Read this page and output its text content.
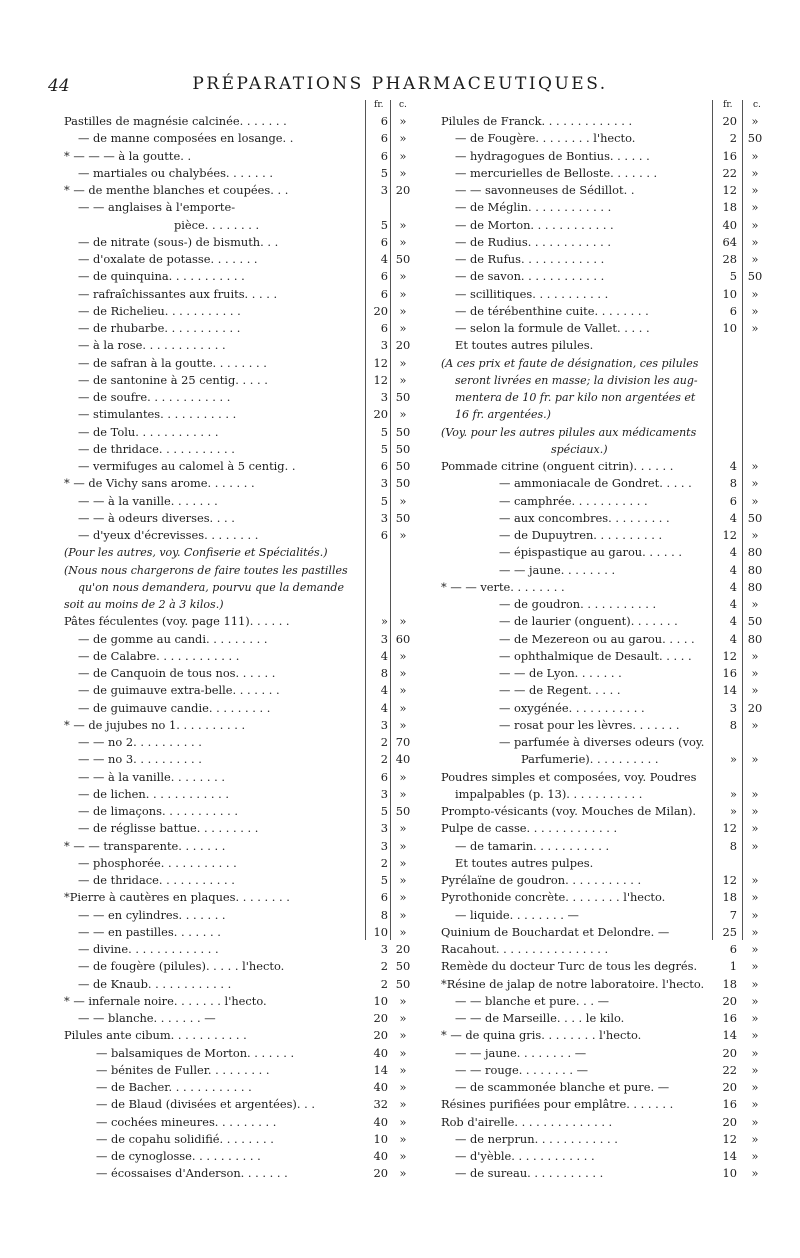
44	PRÉPARATIONS PHARMACEUTIQUES.
fr. c.
Pastilles de magnésie calcinée. . . . . . .	6	»
— de manne composées en losange. .	6	»
* — — — à la goutte. .	6	»
— martiales ou chalybées. . . . . . .	5	»
* — de menthe blanches et coupées. . .	3 20
— — anglaises à l'emporte-
pièce. . . . . . . .	5	»
— de nitrate (sous-) de bismuth. . .	6	»
— d'oxalate de potasse. . . . . . .	4 50
— de quinquina. . . . . . . . . . .	6	»
— rafraîchissantes aux fruits. . . . .	6	»
— de Richelieu. . . . . . . . . . .	20	»
— de rhubarbe. . . . . . . . . . .	6	»
— à la rose. . . . . . . . . . . .	3 20
— de safran à la goutte. . . . . . . .	12	»
— de santonine à 25 centig. . . . .	12	»
— de soufre. . . . . . . . . . . .	3 50
— stimulantes. . . . . . . . . . .	20	»
— de Tolu. . . . . . . . . . . .	5 50
— de thridace. . . . . . . . . . .	5 50
— vermifuges au calomel à 5 centig. .	6 50
* — de Vichy sans arome. . . . . . .	3 50
— — à la vanille. . . . . . .	5	»
— — à odeurs diverses. . . .	3 50
— d'yeux d'écrevisses. . . . . . . .	6	»
(Pour les autres, voy. Confiserie et Spécialités.)
(Nous nous chargerons de faire toutes les pastilles
qu'on nous demandera, pourvu que la demande
soit au moins de 2 à 3 kilos.)
Pâtes féculentes (voy. page 111). . . . . .	»	»
— de gomme au candi. . . . . . . . .	3 60
— de Calabre. . . . . . . . . . . .	4	»
— de Canquoin de tous nos. . . . . .	8	»
— de guimauve extra-belle. . . . . . .	4	»
— de guimauve candie. . . . . . . . .	4	»
* — de jujubes no 1. . . . . . . . . .	3	»
— — no 2. . . . . . . . . .	2 70
— — no 3. . . . . . . . . .	2 40
— — à la vanille. . . . . . . .	6	»
— de lichen. . . . . . . . . . . .	3	»
— de limaçons. . . . . . . . . . .	5 50
— de réglisse battue. . . . . . . . .	3	»
* — — transparente. . . . . . .	3	»
— phosphorée. . . . . . . . . . .	2	»
— de thridace. . . . . . . . . . .	5	»
*Pierre à cautères en plaques. . . . . . . .	6	»
— — en cylindres. . . . . . .	8	»
— — en pastilles. . . . . . .	10	»
— divine. . . . . . . . . . . . .	3 20
— de fougère (pilules). . . . . l'hecto.	2 50
— de Knaub. . . . . . . . . . . .	2 50
* — infernale noire. . . . . . . l'hecto.	10	»
— — blanche. . . . . . . —	20	»
Pilules ante cibum. . . . . . . . . . .	20	»
— balsamiques de Morton. . . . . . .	40	»
— bénites de Fuller. . . . . . . . .	14	»
— de Bacher. . . . . . . . . . . .	40	»
— de Blaud (divisées et argentées). . .	32	»
— cochées mineures. . . . . . . . .	40	»
— de copahu solidifié. . . . . . . .	10	»
— de cynoglosse. . . . . . . . . .	40	»
— écossaises d'Anderson. . . . . . .	20	»
fr. c.
Pilules de Franck. . . . . . . . . . . . .	20	»
— de Fougère. . . . . . . . l'hecto.	2 50
— hydragogues de Bontius. . . . . .	16	»
— mercurielles de Belloste. . . . . . .	22	»
— — savonneuses de Sédillot. .	12	»
— de Méglin. . . . . . . . . . . .	18	»
— de Morton. . . . . . . . . . . .	40	»
— de Rudius. . . . . . . . . . . .	64	»
— de Rufus. . . . . . . . . . . .	28	»
— de savon. . . . . . . . . . . .	5 50
— scillitiques. . . . . . . . . . .	10	»
— de térébenthine cuite. . . . . . . .	6	»
— selon la formule de Vallet. . . . .	10	»
Et toutes autres pilules.
(A ces prix et faute de désignation, ces pilules
seront livrées en masse; la division les aug-
mentera de 10 fr. par kilo non argentées et
16 fr. argentées.)
(Voy. pour les autres pilules aux médicaments
spéciaux.)
Pommade citrine (onguent citrin). . . . . .	4	»
— ammoniacale de Gondret. . . . .	8	»
— camphrée. . . . . . . . . . .	6	»
— aux concombres. . . . . . . . .	4 50
— de Dupuytren. . . . . . . . . .	12	»
— épispastique au garou. . . . . .	4 80
— — jaune. . . . . . . .	4 80
* — — verte. . . . . . . .	4 80
— de goudron. . . . . . . . . . .	4	»
— de laurier (onguent). . . . . . .	4 50
— de Mezereon ou au garou. . . . .	4 80
— ophthalmique de Desault. . . . .	12	»
— — de Lyon. . . . . . .	16	»
— — de Regent. . . . .	14	»
— oxygénée. . . . . . . . . . .	3 20
— rosat pour les lèvres. . . . . . .	8	»
— parfumée à diverses odeurs (voy.
Parfumerie). . . . . . . . . .	»	»
Poudres simples et composées, voy. Poudres
impalpables (p. 13). . . . . . . . . . .	»	»
Prompto-vésicants (voy. Mouches de Milan).	»	»
Pulpe de casse. . . . . . . . . . . . .	12	»
— de tamarin. . . . . . . . . . .	8	»
Et toutes autres pulpes.
Pyrélaïne de goudron. . . . . . . . . . .	12	»
Pyrothonide concrète. . . . . . . . l'hecto.	18	»
— liquide. . . . . . . . —	7	»
Quinium de Bouchardat et Delondre. —	25	»
Racahout. . . . . . . . . . . . . . . .	6	»
Remède du docteur Turc de tous les degrés.	1	»
*Résine de jalap de notre laboratoire. l'hecto.	18	»
— — blanche et pure. . . —	20	»
— — de Marseille. . . . le kilo.	16	»
* — de quina gris. . . . . . . . l'hecto.	14	»
— — jaune. . . . . . . . —	20	»
— — rouge. . . . . . . . —	22	»
— de scammonée blanche et pure. —	20	»
Résines purifiées pour emplâtre. . . . . . .	16	»
Rob d'airelle. . . . . . . . . . . . . .	20	»
— de nerprun. . . . . . . . . . . .	12	»
— d'yèble. . . . . . . . . . . .	14	»
— de sureau. . . . . . . . . . .	10	»
